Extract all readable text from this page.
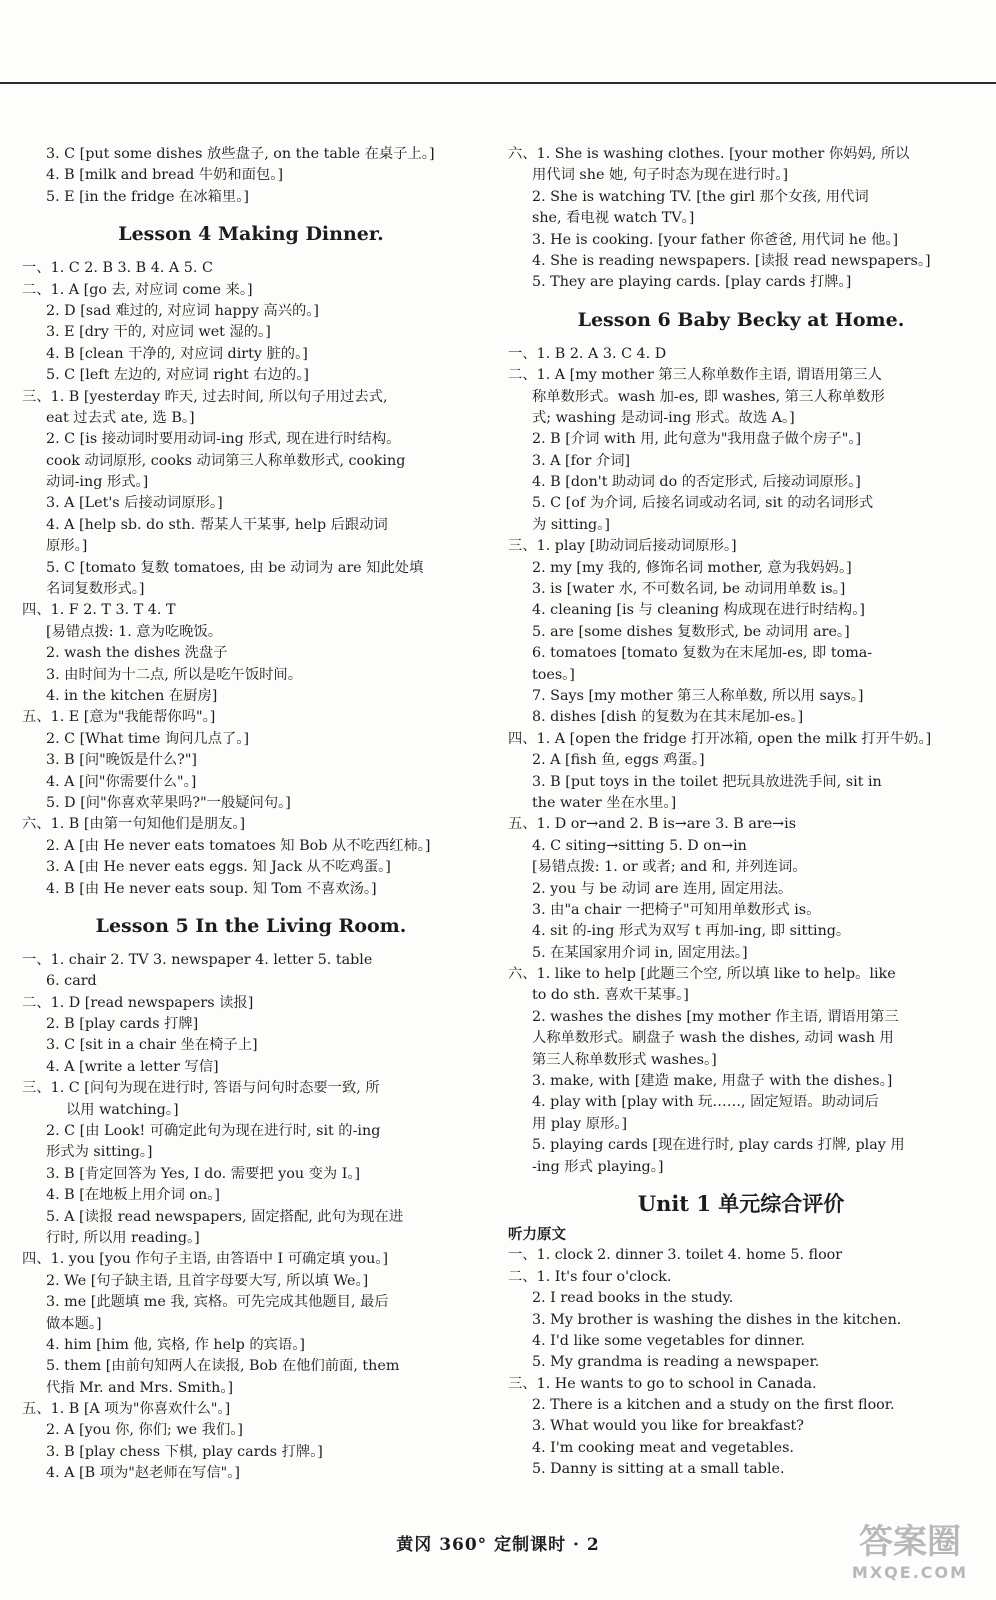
3. C [put some dishes 放些盘子, on the table 在桌子上。]
4. B [milk and bread 牛奶和面包。]
5. E [in the fridge 在冰箱里。]
Lesson 4 Making Dinner.
一、1. C 2. B 3. B 4. A 5. C
二、1. A [go 去, 对应词 come 来。]
2. D [sad 难过的, 对应词 happy 高兴的。]
3. E [dry 干的, 对应词 wet 湿的。]
4. B [clean 干净的, 对应词 dirty 脏的。]
5. C [left 左边的, 对应词 right 右边的。]
三、1. B [yesterday 昨天, 过去时间, 所以句子用过去式,
eat 过去式 ate, 选 B。]
2. C [is 接动词时要用动词-ing 形式, 现在进行时结构。
cook 动词原形, cooks 动词第三人称单数形式, cooking
动词-ing 形式。]
3. A [Let's 后接动词原形。]
4. A [help sb. do sth. 帮某人干某事, help 后跟动词
原形。]
5. C [tomato 复数 tomatoes, 由 be 动词为 are 知此处填
名词复数形式。]
四、1. F 2. T 3. T 4. T
[易错点拨: 1. 意为吃晚饭。
2. wash the dishes 洗盘子
3. 由时间为十二点, 所以是吃午饭时间。
4. in the kitchen 在厨房]
五、1. E [意为"我能帮你吗"。]
2. C [What time 询问几点了。]
3. B [问"晚饭是什么?"]
4. A [问"你需要什么"。]
5. D [问"你喜欢苹果吗?"一般疑问句。]
六、1. B [由第一句知他们是朋友。]
2. A [由 He never eats tomatoes 知 Bob 从不吃西红柿。]
3. A [由 He never eats eggs. 知 Jack 从不吃鸡蛋。]
4. B [由 He never eats soup. 知 Tom 不喜欢汤。]
Lesson 5 In the Living Room.
一、1. chair 2. TV 3. newspaper 4. letter 5. table
6. card
二、1. D [read newspapers 读报]
2. B [play cards 打牌]
3. C [sit in a chair 坐在椅子上]
4. A [write a letter 写信]
三、1. C [问句为现在进行时, 答语与问句时态要一致, 所
以用 watching。]
2. C [由 Look! 可确定此句为现在进行时, sit 的-ing
形式为 sitting。]
3. B [肯定回答为 Yes, I do. 需要把 you 变为 I。]
4. B [在地板上用介词 on。]
5. A [读报 read newspapers, 固定搭配, 此句为现在进
行时, 所以用 reading。]
四、1. you [you 作句子主语, 由答语中 I 可确定填 you。]
2. We [句子缺主语, 且首字母要大写, 所以填 We。]
3. me [此题填 me 我, 宾格。可先完成其他题目, 最后
做本题。]
4. him [him 他, 宾格, 作 help 的宾语。]
5. them [由前句知两人在读报, Bob 在他们前面, them
代指 Mr. and Mrs. Smith。]
五、1. B [A 项为"你喜欢什么"。]
2. A [you 你, 你们; we 我们。]
3. B [play chess 下棋, play cards 打牌。]
4. A [B 项为"赵老师在写信"。]
六、1. She is washing clothes. [your mother 你妈妈, 所以
用代词 she 她, 句子时态为现在进行时。]
2. She is watching TV. [the girl 那个女孩, 用代词
she, 看电视 watch TV。]
3. He is cooking. [your father 你爸爸, 用代词 he 他。]
4. She is reading newspapers. [读报 read newspapers。]
5. They are playing cards. [play cards 打牌。]
Lesson 6 Baby Becky at Home.
一、1. B 2. A 3. C 4. D
二、1. A [my mother 第三人称单数作主语, 谓语用第三人
称单数形式。wash 加-es, 即 washes, 第三人称单数形
式; washing 是动词-ing 形式。故选 A。]
2. B [介词 with 用, 此句意为"我用盘子做个房子"。]
3. A [for 介词]
4. B [don't 助动词 do 的否定形式, 后接动词原形。]
5. C [of 为介词, 后接名词或动名词, sit 的动名词形式
为 sitting。]
三、1. play [助动词后接动词原形。]
2. my [my 我的, 修饰名词 mother, 意为我妈妈。]
3. is [water 水, 不可数名词, be 动词用单数 is。]
4. cleaning [is 与 cleaning 构成现在进行时结构。]
5. are [some dishes 复数形式, be 动词用 are。]
6. tomatoes [tomato 复数为在末尾加-es, 即 toma-
toes。]
7. Says [my mother 第三人称单数, 所以用 says。]
8. dishes [dish 的复数为在其末尾加-es。]
四、1. A [open the fridge 打开冰箱, open the milk 打开牛奶。]
2. A [fish 鱼, eggs 鸡蛋。]
3. B [put toys in the toilet 把玩具放进洗手间, sit in
the water 坐在水里。]
五、1. D or→and 2. B is→are 3. B are→is
4. C siting→sitting 5. D on→in
[易错点拨: 1. or 或者; and 和, 并列连词。
2. you 与 be 动词 are 连用, 固定用法。
3. 由"a chair 一把椅子"可知用单数形式 is。
4. sit 的-ing 形式为双写 t 再加-ing, 即 sitting。
5. 在某国家用介词 in, 固定用法。]
六、1. like to help [此题三个空, 所以填 like to help。like
to do sth. 喜欢干某事。]
2. washes the dishes [my mother 作主语, 谓语用第三
人称单数形式。刷盘子 wash the dishes, 动词 wash 用
第三人称单数形式 washes。]
3. make, with [建造 make, 用盘子 with the dishes。]
4. play with [play with 玩……, 固定短语。助动词后
用 play 原形。]
5. playing cards [现在进行时, play cards 打牌, play 用
-ing 形式 playing。]
Unit 1 单元综合评价
听力原文
一、1. clock 2. dinner 3. toilet 4. home 5. floor
二、1. It's four o'clock.
2. I read books in the study.
3. My brother is washing the dishes in the kitchen.
4. I'd like some vegetables for dinner.
5. My grandma is reading a newspaper.
三、1. He wants to go to school in Canada.
2. There is a kitchen and a study on the first floor.
3. What would you like for breakfast?
4. I'm cooking meat and vegetables.
5. Danny is sitting at a small table.
黄冈 360° 定制课时 · 2	答案圈
MXQE.COM
